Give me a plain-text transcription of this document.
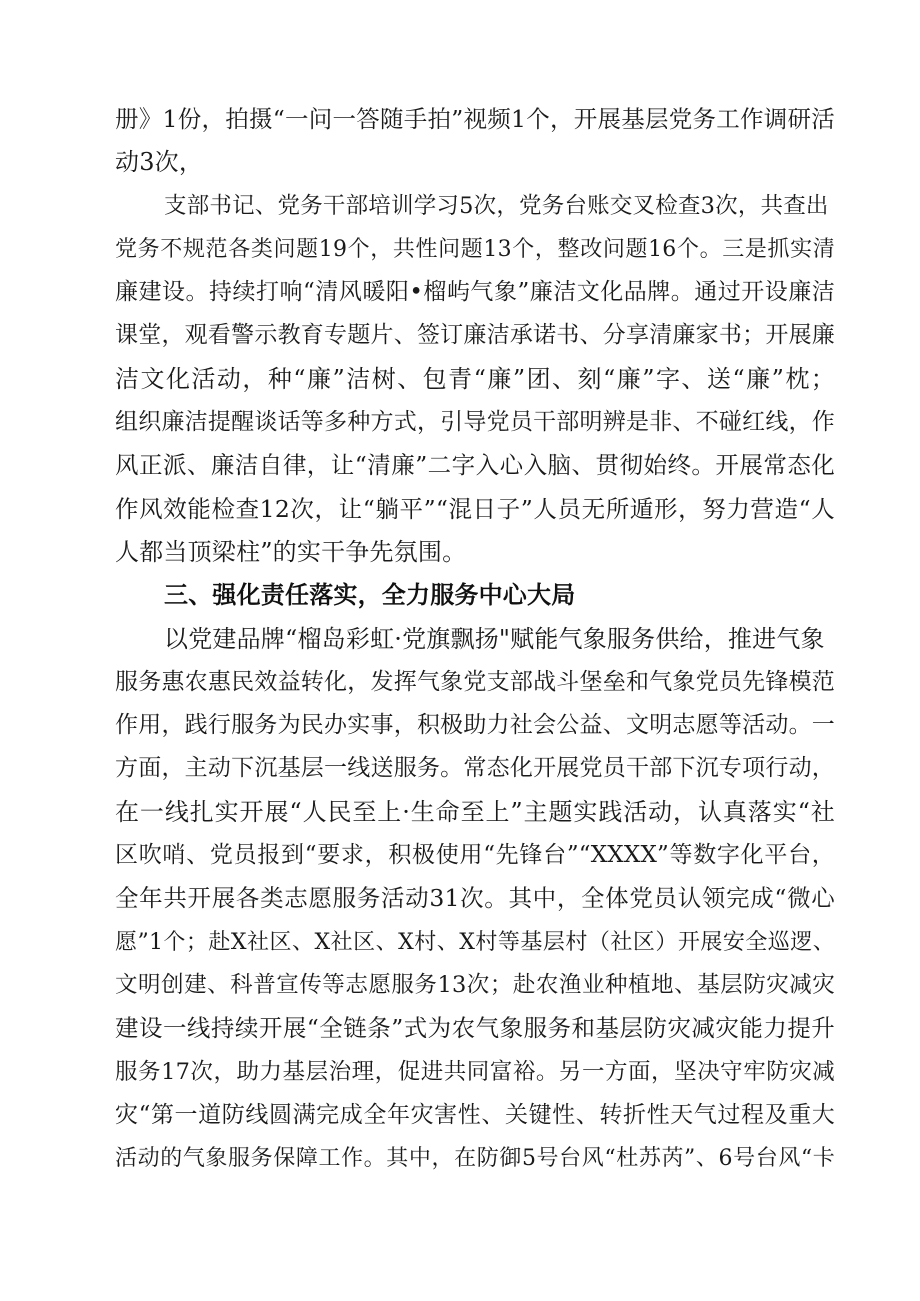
册》1份，拍摄“一问一答随手拍”视频1个，开展基层党务工作调研活
动3次，
支部书记、党务干部培训学习5次，党务台账交叉检查3次，共查出
党务不规范各类问题19个，共性问题13个，整改问题16个。三是抓实清
廉建设。持续打响“清风暖阳•榴屿气象”廉洁文化品牌。通过开设廉洁
课堂，观看警示教育专题片、签订廉洁承诺书、分享清廉家书；开展廉
洁文化活动，种“廉”洁树、包青“廉”团、刻“廉”字、送“廉”枕；
组织廉洁提醒谈话等多种方式，引导党员干部明辨是非、不碰红线，作
风正派、廉洁自律，让“清廉”二字入心入脑、贯彻始终。开展常态化
作风效能检查12次，让“躺平”“混日子”人员无所遁形，努力营造“人
人都当顶梁柱”的实干争先氛围。
三、强化责任落实，全力服务中心大局
以党建品牌“榴岛彩虹·党旗飘扬"赋能气象服务供给，推进气象
服务惠农惠民效益转化，发挥气象党支部战斗堡垒和气象党员先锋模范
作用，践行服务为民办实事，积极助力社会公益、文明志愿等活动。一
方面，主动下沉基层一线送服务。常态化开展党员干部下沉专项行动，
在一线扎实开展“人民至上·生命至上”主题实践活动，认真落实“社
区吹哨、党员报到“要求，积极使用“先锋台”“XXXX”等数字化平台，
全年共开展各类志愿服务活动31次。其中，全体党员认领完成“微心
愿”1个；赴X社区、X社区、X村、X村等基层村（社区）开展安全巡逻、
文明创建、科普宣传等志愿服务13次；赴农渔业种植地、基层防灾减灾
建设一线持续开展“全链条”式为农气象服务和基层防灾减灾能力提升
服务17次，助力基层治理，促进共同富裕。另一方面，坚决守牢防灾减
灾“第一道防线圆满完成全年灾害性、关键性、转折性天气过程及重大
活动的气象服务保障工作。其中，在防御5号台风“杜苏芮”、6号台风“卡
